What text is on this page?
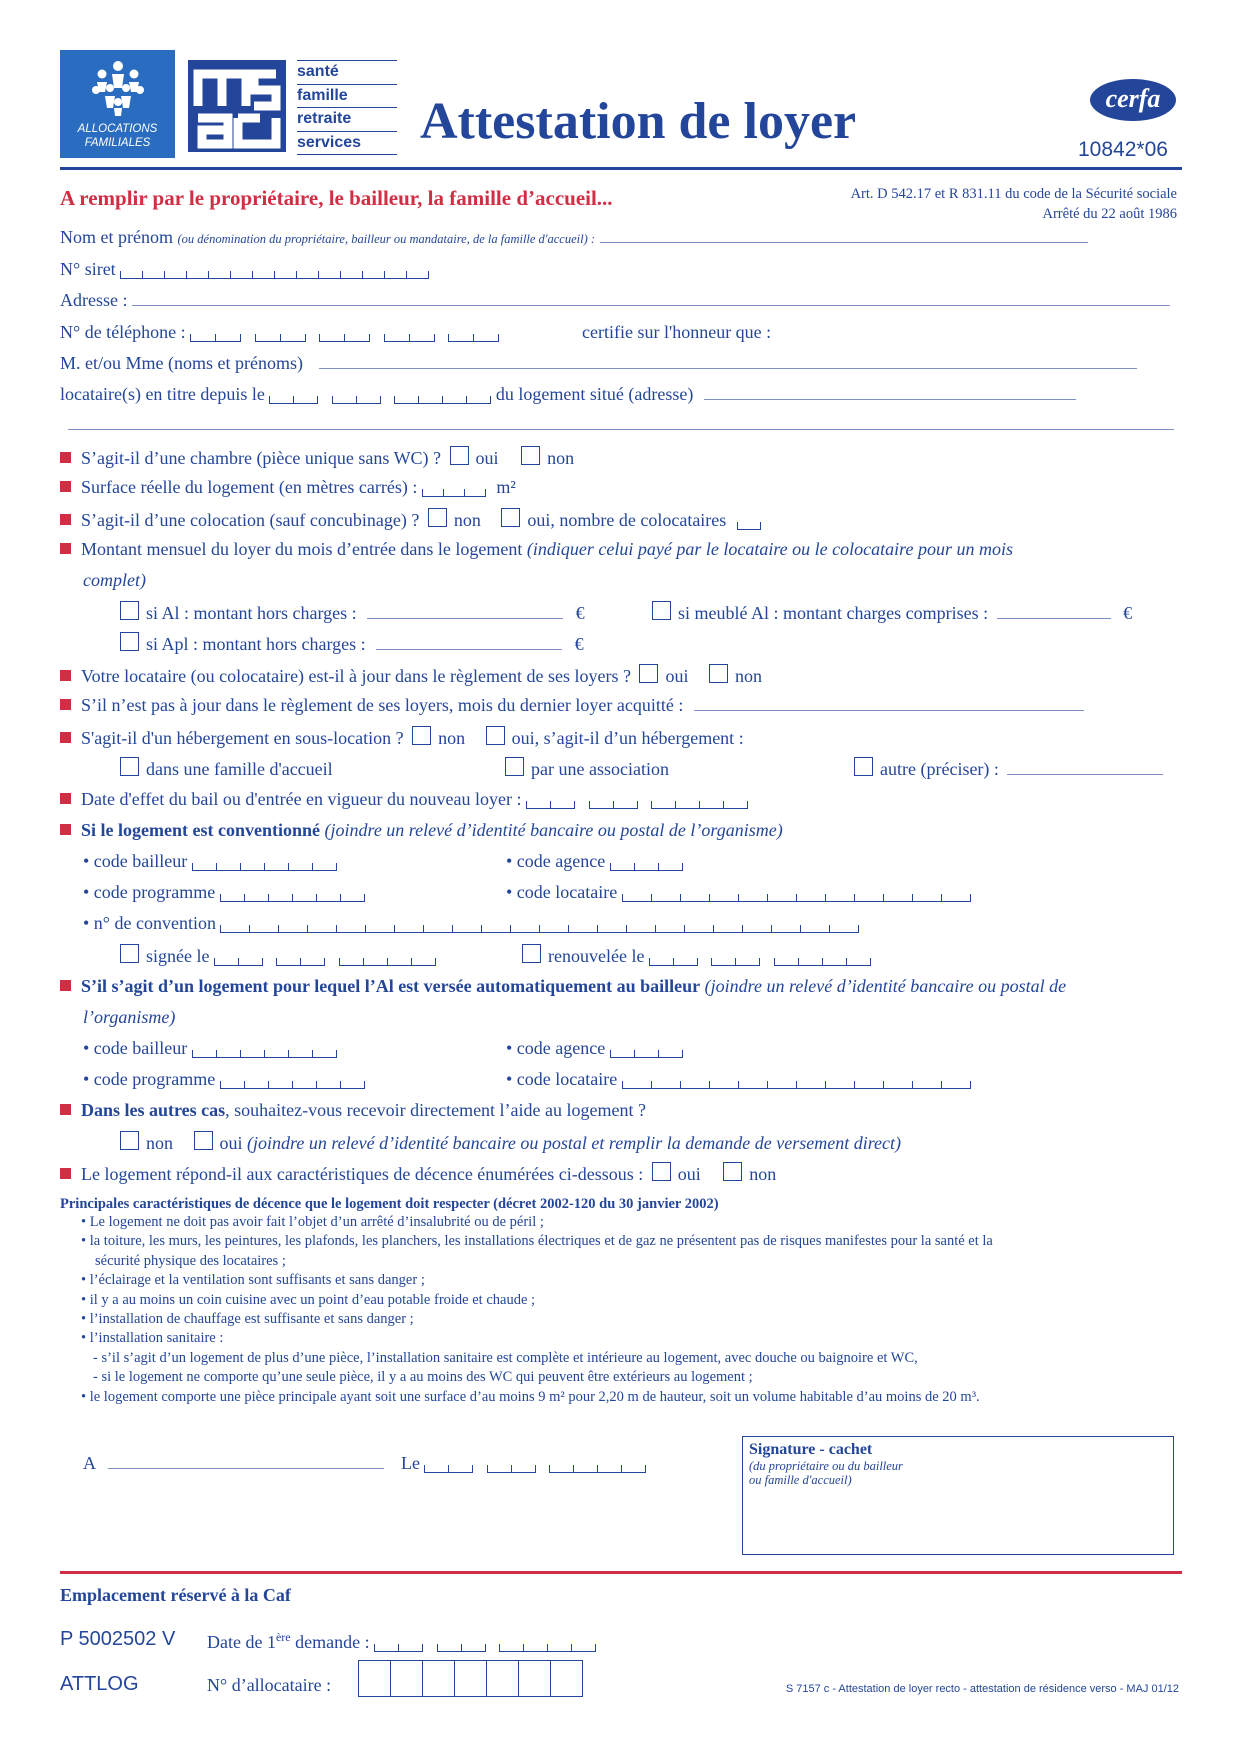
ALLOCATIONS FAMILIALES
santé
famille
retraite
services	Attestation de loyer	cerfa
10842*06
A remplir par le propriétaire, le bailleur, la famille d’accueil...	Art. D 542.17 et R 831.11 du code de la Sécurité sociale
Arrêté du 22 août 1986
Nom et prénom (ou dénomination du propriétaire, bailleur ou mandataire, de la famille d'accueil) :
N° siret
Adresse :
N° de téléphone :	certifie sur l'honneur que :
M. et/ou Mme (noms et prénoms)
locataire(s) en titre depuis le	du logement situé (adresse)
S’agit-il d’une chambre (pièce unique sans WC) ? oui	non
Surface réelle du logement (en mètres carrés) :	m²
S’agit-il d’une colocation (sauf concubinage) ? non	oui, nombre de colocataires
Montant mensuel du loyer du mois d’entrée dans le logement (indiquer celui payé par le locataire ou le colocataire pour un mois
complet)
si Al : montant hors charges :	€	si meublé Al : montant charges comprises :	€
si Apl : montant hors charges :	€
Votre locataire (ou colocataire) est-il à jour dans le règlement de ses loyers ? oui	non
S’il n’est pas à jour dans le règlement de ses loyers, mois du dernier loyer acquitté :
S'agit-il d'un hébergement en sous-location ? non	oui, s’agit-il d’un hébergement :
dans une famille d'accueil	par une association	autre (préciser) :
Date d'effet du bail ou d'entrée en vigueur du nouveau loyer :
Si le logement est conventionné (joindre un relevé d’identité bancaire ou postal de l’organisme)
• code bailleur	• code agence
• code programme	• code locataire
• n° de convention
signée le	renouvelée le
S’il s’agit d’un logement pour lequel l’Al est versée automatiquement au bailleur (joindre un relevé d’identité bancaire ou postal de
l’organisme)
• code bailleur	• code agence
• code programme	• code locataire
Dans les autres cas, souhaitez-vous recevoir directement l’aide au logement ?
non	oui (joindre un relevé d’identité bancaire ou postal et remplir la demande de versement direct)
Le logement répond-il aux caractéristiques de décence énumérées ci-dessous : oui	non
Principales caractéristiques de décence que le logement doit respecter (décret 2002-120 du 30 janvier 2002)
• Le logement ne doit pas avoir fait l’objet d’un arrêté d’insalubrité ou de péril ;
• la toiture, les murs, les peintures, les plafonds, les planchers, les installations électriques et de gaz ne présentent pas de risques manifestes pour la santé et la
sécurité physique des locataires ;
• l’éclairage et la ventilation sont suffisants et sans danger ;
• il y a au moins un coin cuisine avec un point d’eau potable froide et chaude ;
• l’installation de chauffage est suffisante et sans danger ;
• l’installation sanitaire :
- s’il s’agit d’un logement de plus d’une pièce, l’installation sanitaire est complète et intérieure au logement, avec douche ou baignoire et WC,
- si le logement ne comporte qu’une seule pièce, il y a au moins des WC qui peuvent être extérieurs au logement ;
• le logement comporte une pièce principale ayant soit une surface d’au moins 9 m² pour 2,20 m de hauteur, soit un volume habitable d’au moins de 20 m³.
A	Le
Signature - cachet
(du propriétaire ou du bailleur
ou famille d'accueil)
Emplacement réservé à la Caf
P 5002502 V Date de 1ère demande :
ATTLOG	N° d’allocataire :	S 7157 c - Attestation de loyer recto - attestation de résidence verso - MAJ 01/12
